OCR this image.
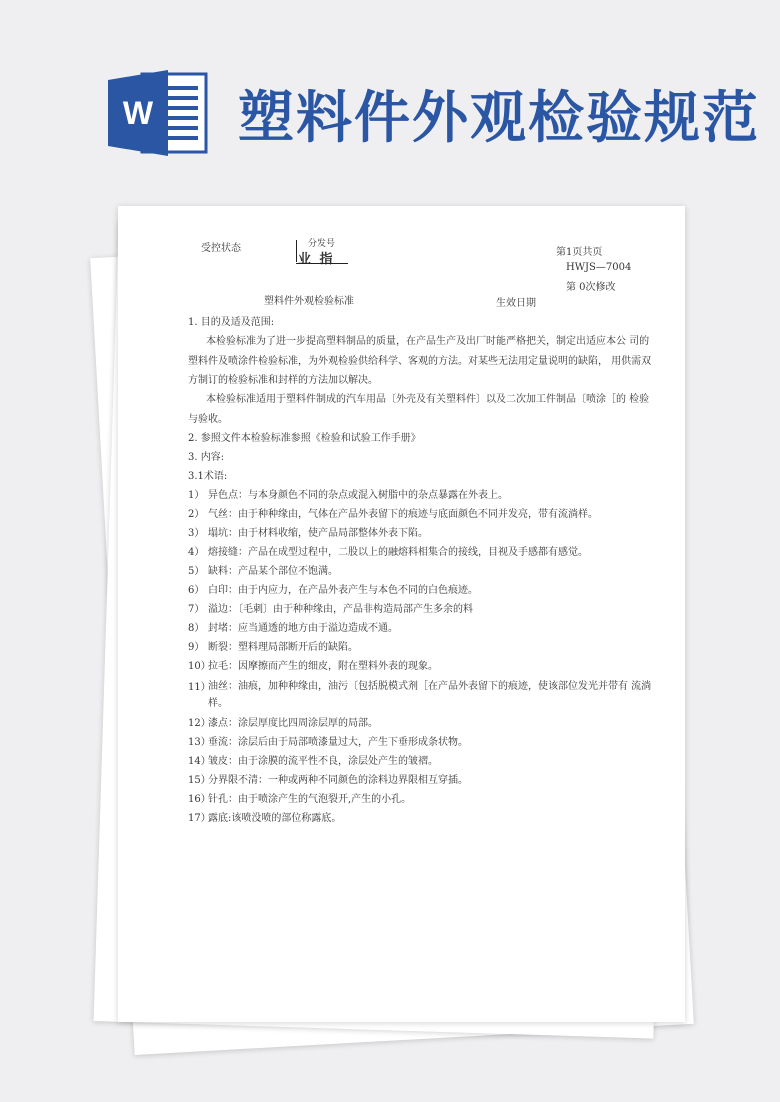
W 塑料件外观检验规范
受控状态	分发号
业 指	第1页共页
HWJS—7004
第 0次修改
塑料件外观检验标准	生效日期
1. 目的及适及范围:
本检验标准为了进一步提高塑料制品的质量，在产品生产及出厂时能严格把关，制定出适应本公 司的
塑料件及喷涂件检验标准，为外观检验供给科学、客观的方法。对某些无法用定量说明的缺陷， 用供需双
方制订的检验标准和封样的方法加以解决。
本检验标准适用于塑料件制成的汽车用品〔外壳及有关塑料件〕以及二次加工件制品〔喷涂［的 检验
与验收。
2. 参照文件本检验标准参照《检验和试验工作手册》
3. 内容:
3.1术语:
1） 异色点：与本身颜色不同的杂点或混入树脂中的杂点暴露在外表上。
2） 气丝：由于种种缘由，气体在产品外表留下的痕迹与底面颜色不同并发亮，带有流淌样。
3） 塌坑：由于材料收缩，使产品局部整体外表下陷。
4） 熔接缝：产品在成型过程中，二股以上的融熔料相集合的接线，目视及手感都有感觉。
5） 缺料：产品某个部位不饱满。
6） 白印：由于内应力，在产品外表产生与本色不同的白色痕迹。
7） 溢边：〔毛刺〕由于种种缘由，产品非构造局部产生多余的料
8） 封堵：应当通透的地方由于溢边造成不通。
9） 断裂：塑料理局部断开后的缺陷。
10）
拉毛：因摩擦而产生的细皮，附在塑料外表的现象。
11）
油丝：油痕，加种种缘由，油污〔包括脱模式剂［在产品外表留下的痕迹，使该部位发光并带有 流淌样。
12）
漆点：涂层厚度比四周涂层厚的局部。
13）
垂流：涂层后由于局部喷漆量过大，产生下垂形成条状物。
14）
皱皮：由于涂膜的流平性不良，涂层处产生的皱褶。
15）
分界限不清：一种或两种不同颜色的涂料边界限相互穿插。
16）
针孔：由于喷涂产生的气泡裂开,产生的小孔。
17）
露底:该喷没喷的部位称露底。
